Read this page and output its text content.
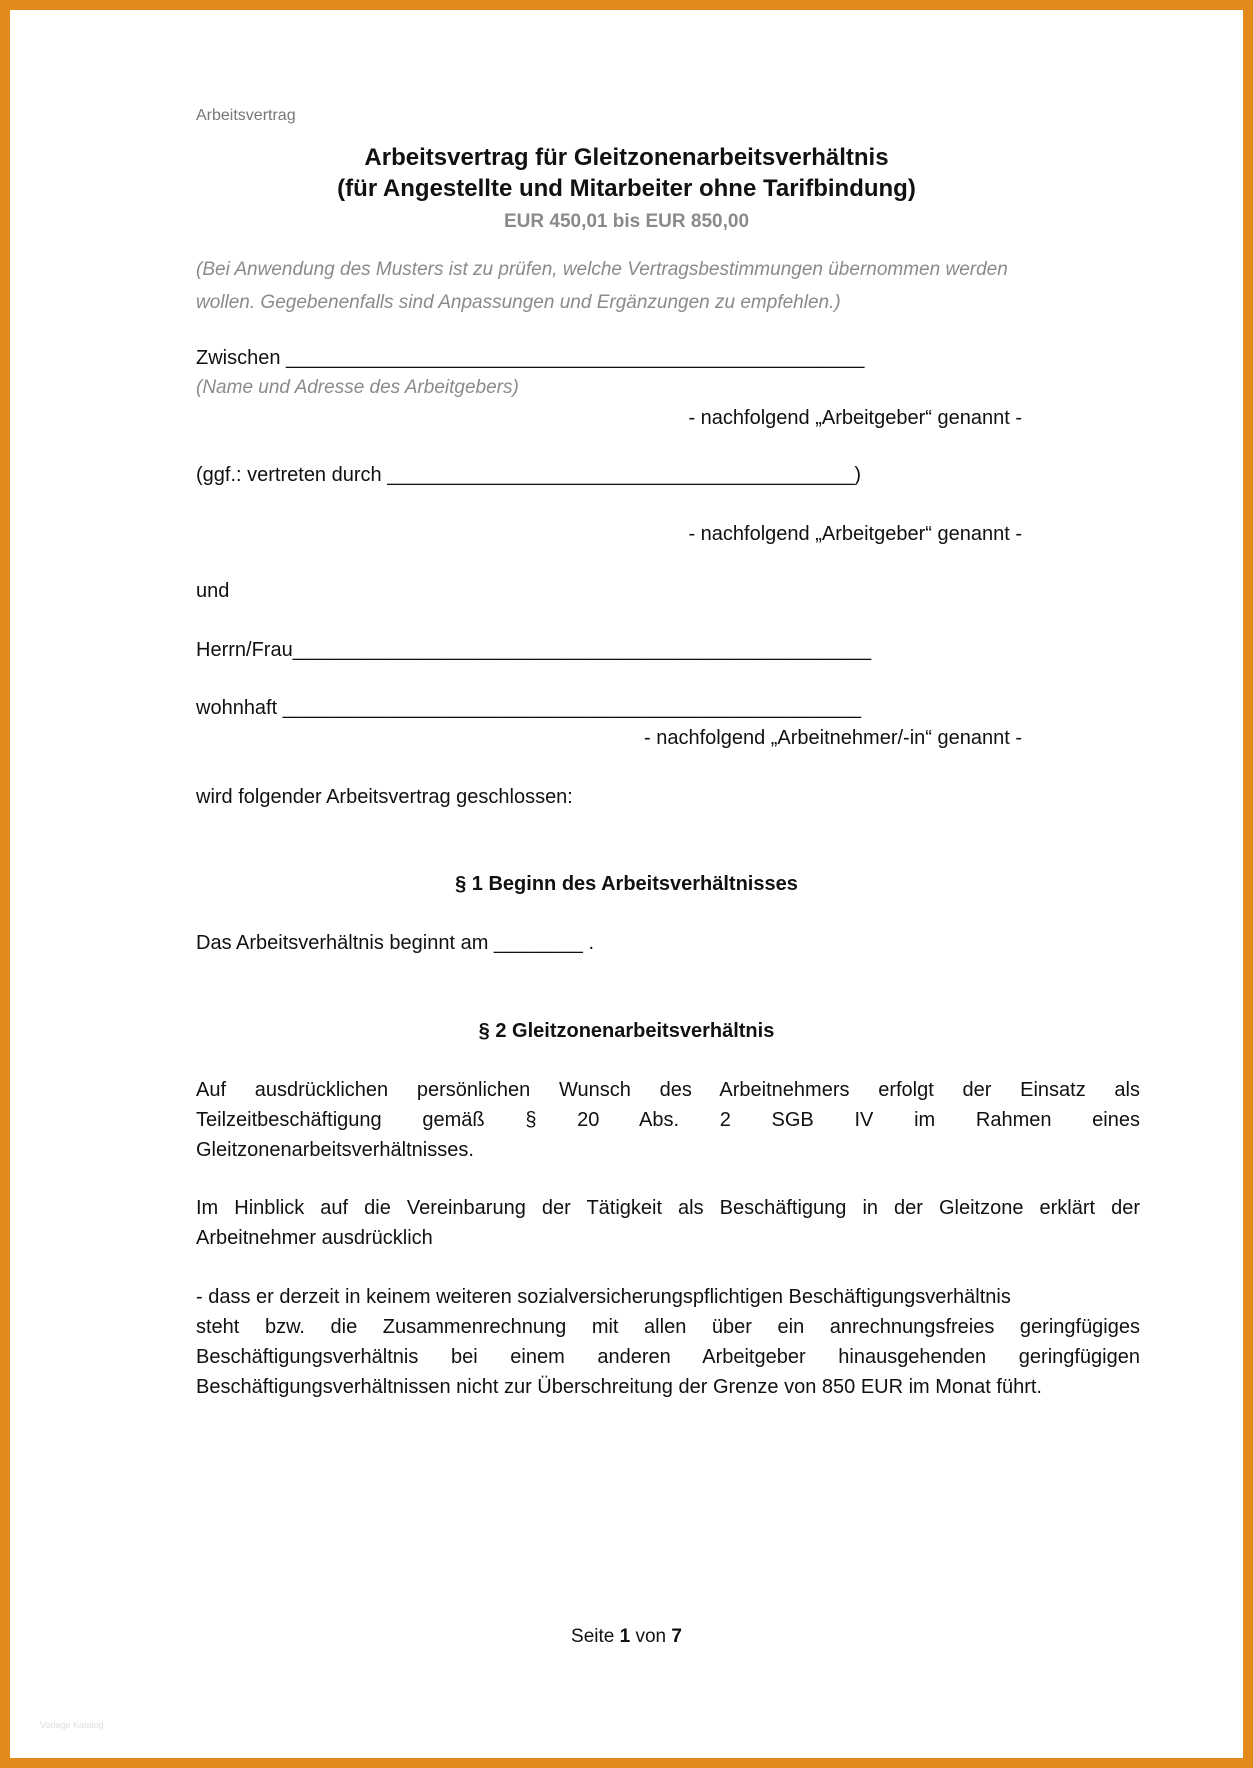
Arbeitsvertrag
Arbeitsvertrag für Gleitzonenarbeitsverhältnis
(für Angestellte und Mitarbeiter ohne Tarifbindung)
EUR 450,01 bis EUR 850,00
(Bei Anwendung des Musters ist zu prüfen, welche Vertragsbestimmungen übernommen werden
wollen. Gegebenenfalls sind Anpassungen und Ergänzungen zu empfehlen.)
Zwischen ____________________________________________________
(Name und Adresse des Arbeitgebers)
- nachfolgend „Arbeitgeber“ genannt -
(ggf.: vertreten durch __________________________________________)
- nachfolgend „Arbeitgeber“ genannt -
und
Herrn/Frau____________________________________________________
wohnhaft ____________________________________________________
- nachfolgend „Arbeitnehmer/-in“ genannt -
wird folgender Arbeitsvertrag geschlossen:
§ 1 Beginn des Arbeitsverhältnisses
Das Arbeitsverhältnis beginnt am ________ .
§ 2 Gleitzonenarbeitsverhältnis
Auf ausdrücklichen persönlichen Wunsch des Arbeitnehmers erfolgt der Einsatz als
Teilzeitbeschäftigung gemäß § 20 Abs. 2 SGB IV im Rahmen eines
Gleitzonenarbeitsverhältnisses.
Im Hinblick auf die Vereinbarung der Tätigkeit als Beschäftigung in der Gleitzone erklärt der
Arbeitnehmer ausdrücklich
- dass er derzeit in keinem weiteren sozialversicherungspflichtigen Beschäftigungsverhältnis
steht bzw. die Zusammenrechnung mit allen über ein anrechnungsfreies geringfügiges
Beschäftigungsverhältnis bei einem anderen Arbeitgeber hinausgehenden geringfügigen
Beschäftigungsverhältnissen nicht zur Überschreitung der Grenze von 850 EUR im Monat führt.
Seite 1 von 7
Vorlage Katalog
